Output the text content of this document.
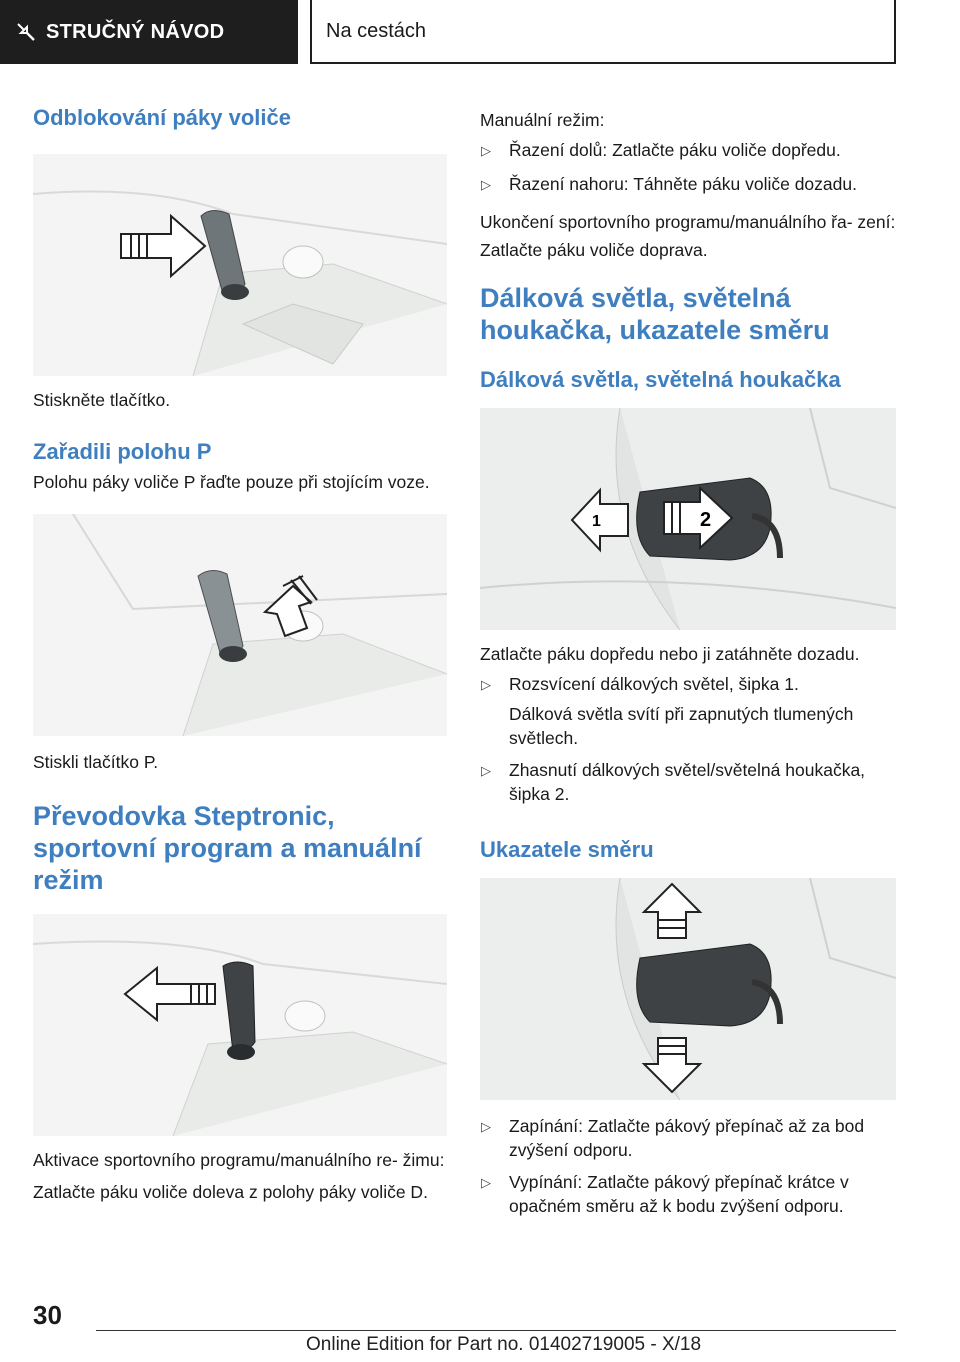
STRUČNÝ NÁVOD	Na cestách
Odblokování páky voliče

Stiskněte tlačítko.

Zařadili polohu P

Polohu páky voliče P řaďte pouze při stojícím voze.

Stiskli tlačítko P.

Převodovka Steptronic, sportovní program a manuální režim

Aktivace sportovního programu/manuálního re- žimu:

Zatlačte páku voliče doleva z polohy páky voliče D.

Manuální režim:

▷ Řazení dolů: Zatlačte páku voliče dopředu.
▷ Řazení nahoru: Táhněte páku voliče dozadu.

Ukončení sportovního programu/manuálního řa- zení:

Zatlačte páku voliče doprava.

Dálková světla, světelná houkačka, ukazatele směru
Dálková světla, světelná houkačka
1	2

Zatlačte páku dopředu nebo ji zatáhněte dozadu.

▷ Rozsvícení dálkových světel, šipka 1.

Dálková světla svítí při zapnutých tlumených světlech.

▷ Zhasnutí dálkových světel/světelná houkačka, šipka 2.
Ukazatele směru
▷ Zapínání: Zatlačte pákový přepínač až za bod zvýšení odporu.
▷ Vypínání: Zatlačte pákový přepínač krátce v opačném směru až k bodu zvýšení odporu.
30
Online Edition for Part no. 01402719005 - X/18
